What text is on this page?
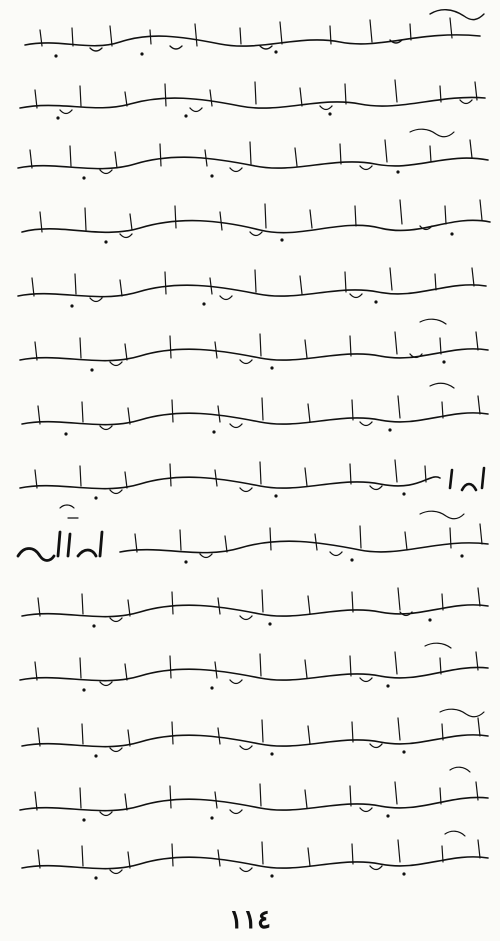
١١٤
